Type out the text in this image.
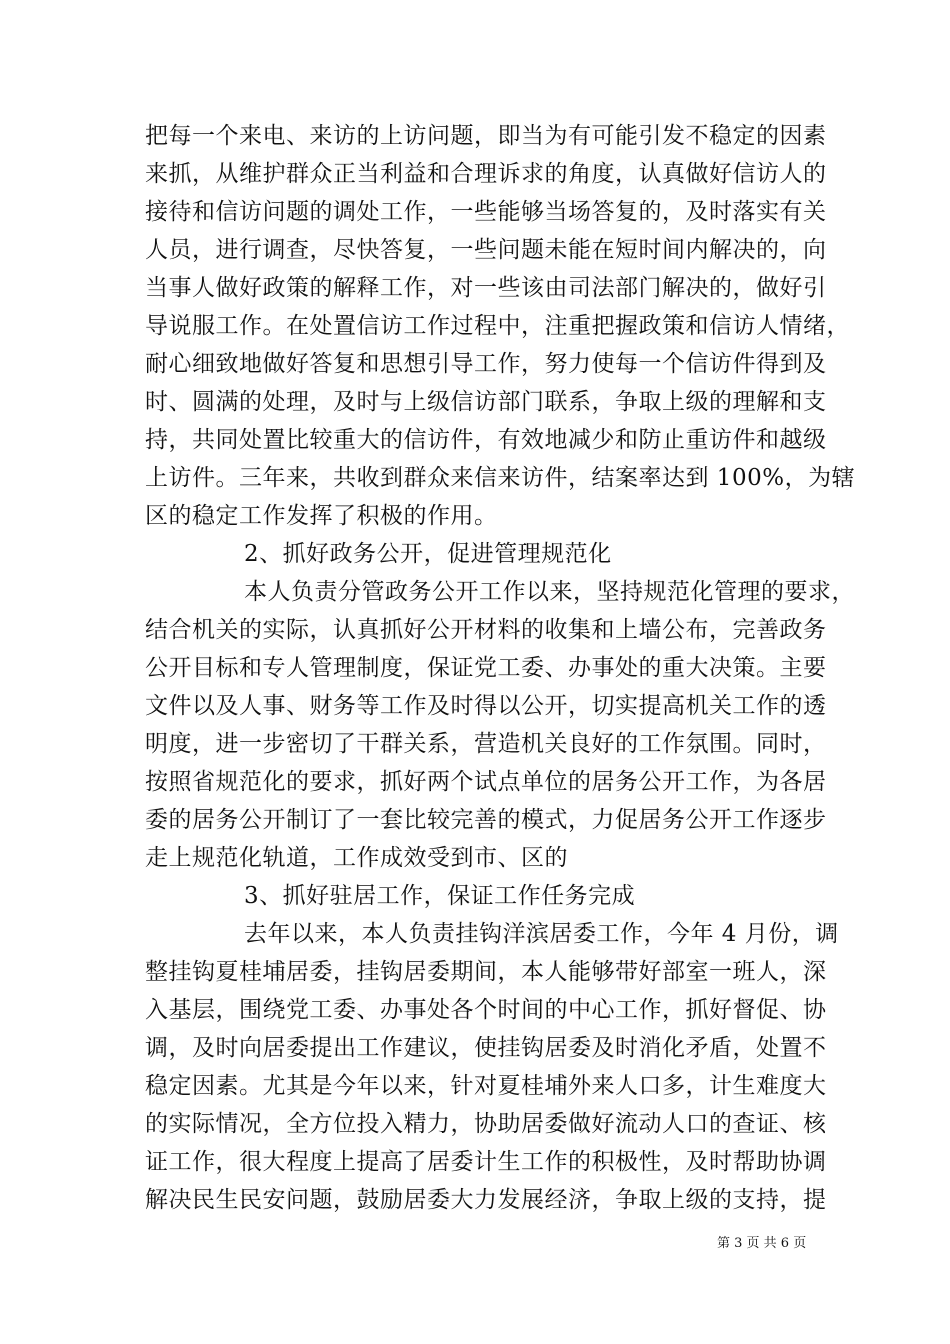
把每一个来电、来访的上访问题，即当为有可能引发不稳定的因素
来抓，从维护群众正当利益和合理诉求的角度，认真做好信访人的
接待和信访问题的调处工作，一些能够当场答复的，及时落实有关
人员，进行调查，尽快答复，一些问题未能在短时间内解决的，向
当事人做好政策的解释工作，对一些该由司法部门解决的，做好引
导说服工作。在处置信访工作过程中，注重把握政策和信访人情绪，
耐心细致地做好答复和思想引导工作，努力使每一个信访件得到及
时、圆满的处理，及时与上级信访部门联系，争取上级的理解和支
持，共同处置比较重大的信访件，有效地减少和防止重访件和越级
上访件。三年来，共收到群众来信来访件，结案率达到 100%，为辖
区的稳定工作发挥了积极的作用。
2、抓好政务公开，促进管理规范化
本人负责分管政务公开工作以来，坚持规范化管理的要求，
结合机关的实际，认真抓好公开材料的收集和上墙公布，完善政务
公开目标和专人管理制度，保证党工委、办事处的重大决策。主要
文件以及人事、财务等工作及时得以公开，切实提高机关工作的透
明度，进一步密切了干群关系，营造机关良好的工作氛围。同时，
按照省规范化的要求，抓好两个试点单位的居务公开工作，为各居
委的居务公开制订了一套比较完善的模式，力促居务公开工作逐步
走上规范化轨道，工作成效受到市、区的
3、抓好驻居工作，保证工作任务完成
去年以来，本人负责挂钩洋滨居委工作，今年 4 月份，调
整挂钩夏桂埔居委，挂钩居委期间，本人能够带好部室一班人，深
入基层，围绕党工委、办事处各个时间的中心工作，抓好督促、协
调，及时向居委提出工作建议，使挂钩居委及时消化矛盾，处置不
稳定因素。尤其是今年以来，针对夏桂埔外来人口多，计生难度大
的实际情况，全方位投入精力，协助居委做好流动人口的查证、核
证工作，很大程度上提高了居委计生工作的积极性，及时帮助协调
解决民生民安问题，鼓励居委大力发展经济，争取上级的支持，提
第 3 页 共 6 页
